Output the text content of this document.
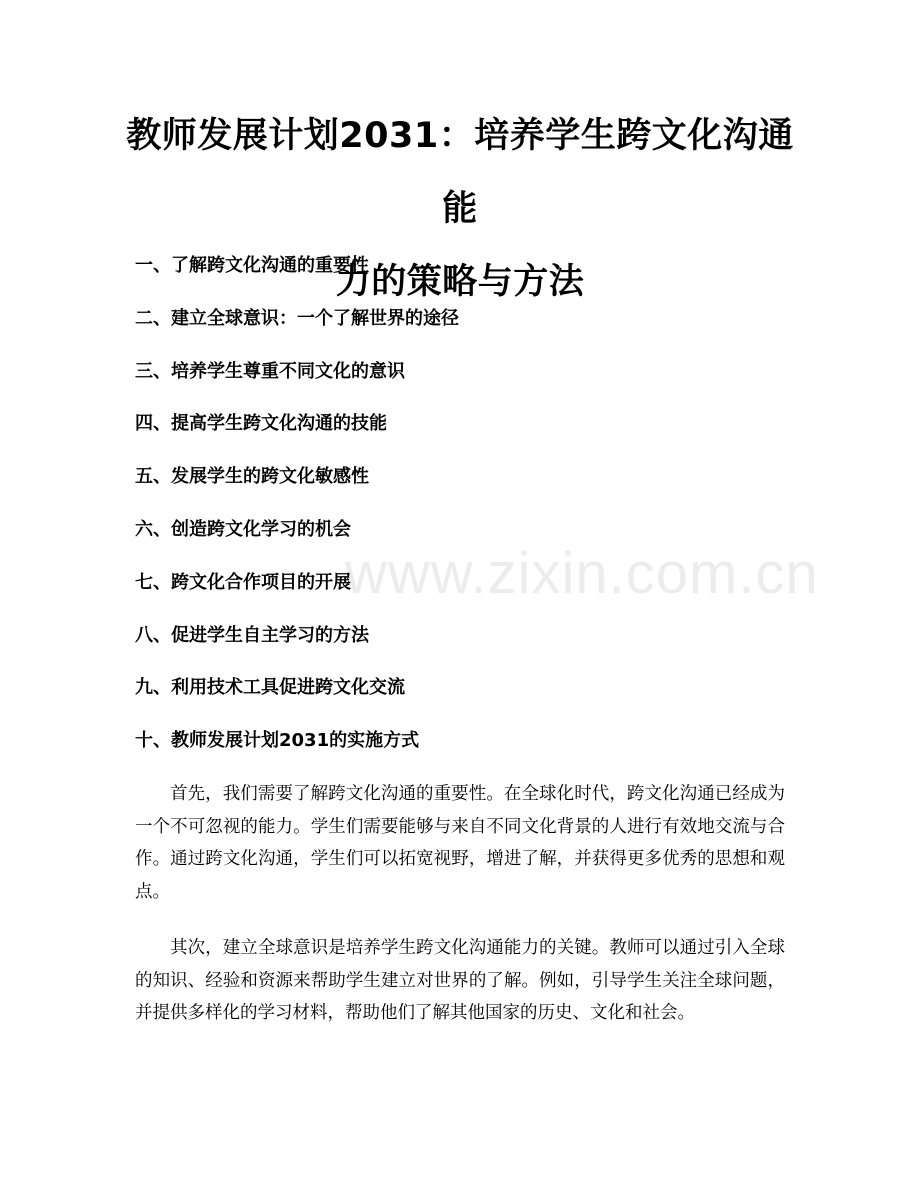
教师发展计划2031：培养学生跨文化沟通能
力的策略与方法
一、了解跨文化沟通的重要性
二、建立全球意识：一个了解世界的途径
三、培养学生尊重不同文化的意识
四、提高学生跨文化沟通的技能
五、发展学生的跨文化敏感性
六、创造跨文化学习的机会
七、跨文化合作项目的开展
八、促进学生自主学习的方法
九、利用技术工具促进跨文化交流
十、教师发展计划2031的实施方式

首先，我们需要了解跨文化沟通的重要性。在全球化时代，跨文化沟通已经成为一个不可忽视的能力。学生们需要能够与来自不同文化背景的人进行有效地交流与合作。通过跨文化沟通，学生们可以拓宽视野，增进了解，并获得更多优秀的思想和观点。

其次，建立全球意识是培养学生跨文化沟通能力的关键。教师可以通过引入全球的知识、经验和资源来帮助学生建立对世界的了解。例如，引导学生关注全球问题，并提供多样化的学习材料，帮助他们了解其他国家的历史、文化和社会。

www.zixin.com.cn
